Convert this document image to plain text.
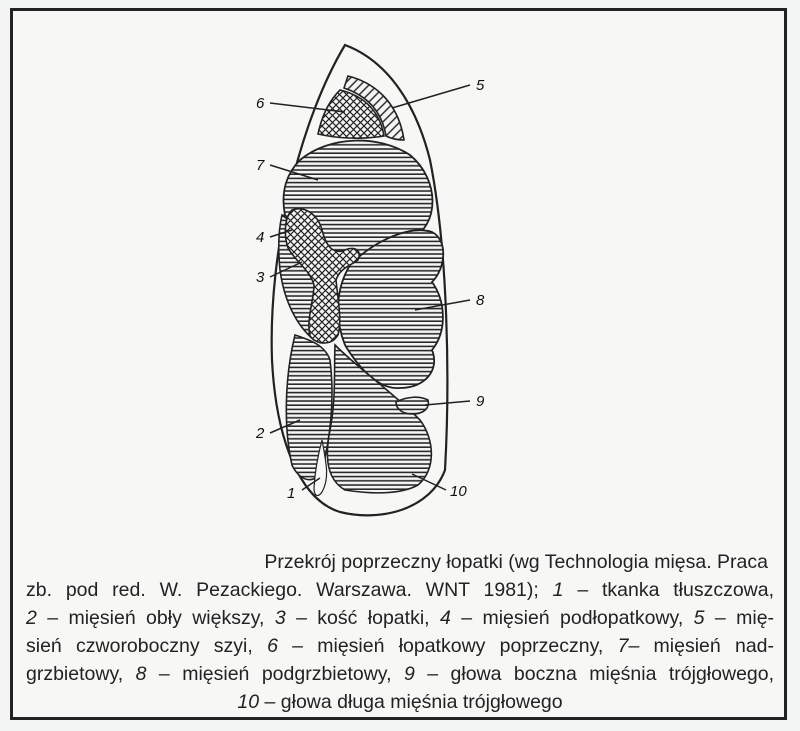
6
5
7
4
3
8
9
2
1	10
Przekrój poprzeczny łopatki (wg Technologia mięsa. Praca
zb. pod red. W. Pezackiego. Warszawa. WNT 1981); 1 – tkanka tłuszczowa,
2 – mięsień obły większy, 3 – kość łopatki, 4 – mięsień podłopatkowy, 5 – mię-
sień czworoboczny szyi, 6 – mięsień łopatkowy poprzeczny, 7– mięsień nad-
grzbietowy, 8 – mięsień podgrzbietowy, 9 – głowa boczna mięśnia trójgłowego,
10 – głowa długa mięśnia trójgłowego
